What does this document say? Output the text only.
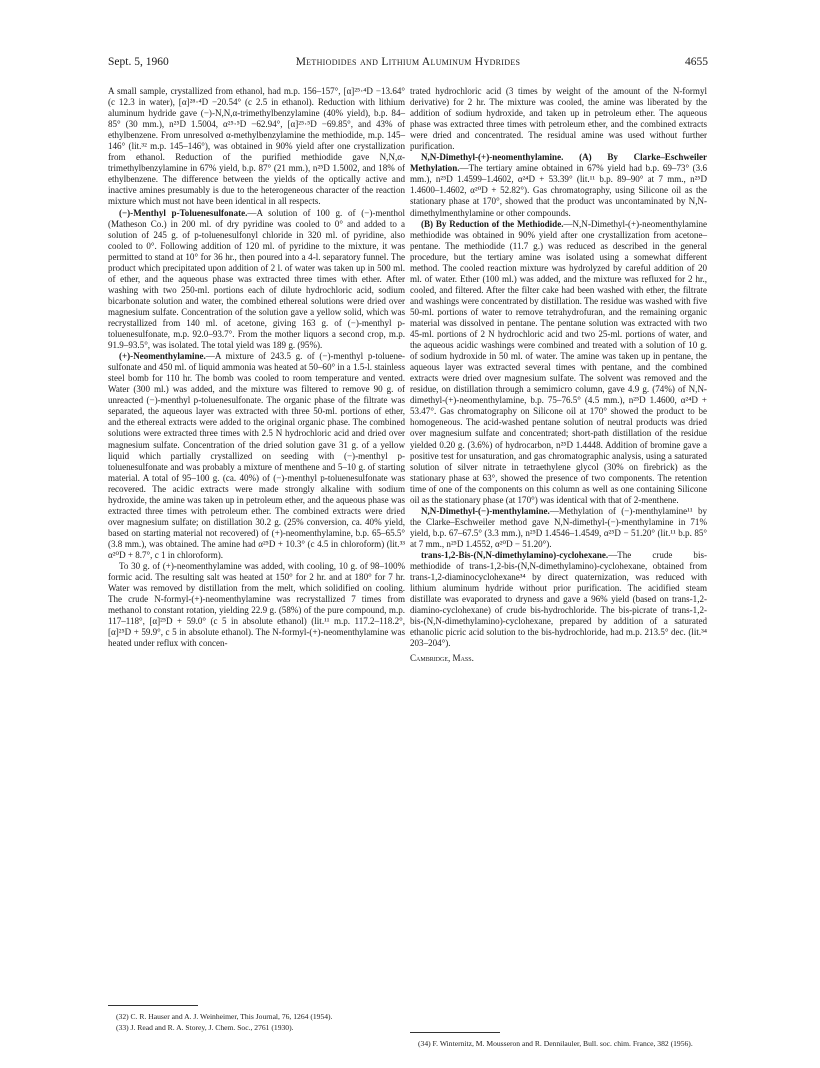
Sept. 5, 1960	Methiodides and Lithium Aluminum Hydrides	4655

A small sample, crystallized from ethanol, had m.p. 156–157°, [α]²⁵·⁴D −13.64° (c 12.3 in water), [α]²⁸·⁴D −20.54° (c 2.5 in ethanol). Reduction with lithium aluminum hydride gave (−)-N,N,α-trimethylbenzylamine (40% yield), b.p. 84–85° (30 mm.), n²⁵D 1.5004, α²⁵·⁵D −62.94°, [α]²⁵·⁵D −69.85°, and 43% of ethylbenzene. From unresolved α-methylbenzylamine the methiodide, m.p. 145–146° (lit.³² m.p. 145–146°), was obtained in 90% yield after one crystallization from ethanol. Reduction of the purified methiodide gave N,N,α-trimethylbenzylamine in 67% yield, b.p. 87° (21 mm.), n²⁵D 1.5002, and 18% of ethylbenzene. The difference between the yields of the optically active and inactive amines presumably is due to the heterogeneous character of the reaction mixture which must not have been identical in all respects.

(−)-Menthyl p-Toluenesulfonate.—A solution of 100 g. of (−)-menthol (Matheson Co.) in 200 ml. of dry pyridine was cooled to 0° and added to a solution of 245 g. of p-toluenesulfonyl chloride in 320 ml. of pyridine, also cooled to 0°. Following addition of 120 ml. of pyridine to the mixture, it was permitted to stand at 10° for 36 hr., then poured into a 4-l. separatory funnel. The product which precipitated upon addition of 2 l. of water was taken up in 500 ml. of ether, and the aqueous phase was extracted three times with ether. After washing with two 250-ml. portions each of dilute hydrochloric acid, sodium bicarbonate solution and water, the combined ethereal solutions were dried over magnesium sulfate. Concentration of the solution gave a yellow solid, which was recrystallized from 140 ml. of acetone, giving 163 g. of (−)-menthyl p-toluenesulfonate, m.p. 92.0–93.7°. From the mother liquors a second crop, m.p. 91.9–93.5°, was isolated. The total yield was 189 g. (95%).

(+)-Neomenthylamine.—A mixture of 243.5 g. of (−)-menthyl p-toluene-sulfonate and 450 ml. of liquid ammonia was heated at 50–60° in a 1.5-l. stainless steel bomb for 110 hr. The bomb was cooled to room temperature and vented. Water (300 ml.) was added, and the mixture was filtered to remove 90 g. of unreacted (−)-menthyl p-toluenesulfonate. The organic phase of the filtrate was separated, the aqueous layer was extracted with three 50-ml. portions of ether, and the ethereal extracts were added to the original organic phase. The combined solutions were extracted three times with 2.5 N hydrochloric acid and dried over magnesium sulfate. Concentration of the dried solution gave 31 g. of a yellow liquid which partially crystallized on seeding with (−)-menthyl p-toluenesulfonate and was probably a mixture of menthene and 5–10 g. of starting material. A total of 95–100 g. (ca. 40%) of (−)-menthyl p-toluenesulfonate was recovered. The acidic extracts were made strongly alkaline with sodium hydroxide, the amine was taken up in petroleum ether, and the aqueous phase was extracted three times with petroleum ether. The combined extracts were dried over magnesium sulfate; on distillation 30.2 g. (25% conversion, ca. 40% yield, based on starting material not recovered) of (+)-neomenthylamine, b.p. 65–65.5° (3.8 mm.), was obtained. The amine had α²⁵D + 10.3° (c 4.5 in chloroform) (lit.³³ α²⁰D + 8.7°, c 1 in chloroform).

To 30 g. of (+)-neomenthylamine was added, with cooling, 10 g. of 98–100% formic acid. The resulting salt was heated at 150° for 2 hr. and at 180° for 7 hr. Water was removed by distillation from the melt, which solidified on cooling. The crude N-formyl-(+)-neomenthylamine was recrystallized 7 times from methanol to constant rotation, yielding 22.9 g. (58%) of the pure compound, m.p. 117–118°, [α]²⁵D + 59.0° (c 5 in absolute ethanol) (lit.¹¹ m.p. 117.2–118.2°, [α]²⁵D + 59.9°, c 5 in absolute ethanol). The N-formyl-(+)-neomenthylamine was heated under reflux with concen-

trated hydrochloric acid (3 times by weight of the amount of the N-formyl derivative) for 2 hr. The mixture was cooled, the amine was liberated by the addition of sodium hydroxide, and taken up in petroleum ether. The aqueous phase was extracted three times with petroleum ether, and the combined extracts were dried and concentrated. The residual amine was used without further purification.

N,N-Dimethyl-(+)-neomenthylamine. (A) By Clarke–Eschweiler Methylation.—The tertiary amine obtained in 67% yield had b.p. 69–73° (3.6 mm.), n²⁵D 1.4599–1.4602, α²⁴D + 53.39° (lit.¹¹ b.p. 89–90° at 7 mm., n²⁵D 1.4600–1.4602, α²⁰D + 52.82°). Gas chromatography, using Silicone oil as the stationary phase at 170°, showed that the product was uncontaminated by N,N-dimethylmenthylamine or other compounds.

(B) By Reduction of the Methiodide.—N,N-Dimethyl-(+)-neomenthylamine methiodide was obtained in 90% yield after one crystallization from acetone–pentane. The methiodide (11.7 g.) was reduced as described in the general procedure, but the tertiary amine was isolated using a somewhat different method. The cooled reaction mixture was hydrolyzed by careful addition of 20 ml. of water. Ether (100 ml.) was added, and the mixture was refluxed for 2 hr., cooled, and filtered. After the filter cake had been washed with ether, the filtrate and washings were concentrated by distillation. The residue was washed with five 50-ml. portions of water to remove tetrahydrofuran, and the remaining organic material was dissolved in pentane. The pentane solution was extracted with two 45-ml. portions of 2 N hydrochloric acid and two 25-ml. portions of water, and the aqueous acidic washings were combined and treated with a solution of 10 g. of sodium hydroxide in 50 ml. of water. The amine was taken up in pentane, the aqueous layer was extracted several times with pentane, and the combined extracts were dried over magnesium sulfate. The solvent was removed and the residue, on distillation through a semimicro column, gave 4.9 g. (74%) of N,N-dimethyl-(+)-neomenthylamine, b.p. 75–76.5° (4.5 mm.), n²⁵D 1.4600, α²⁴D + 53.47°. Gas chromatography on Silicone oil at 170° showed the product to be homogeneous. The acid-washed pentane solution of neutral products was dried over magnesium sulfate and concentrated; short-path distillation of the residue yielded 0.20 g. (3.6%) of hydrocarbon, n²⁵D 1.4448. Addition of bromine gave a positive test for unsaturation, and gas chromatographic analysis, using a saturated solution of silver nitrate in tetraethylene glycol (30% on firebrick) as the stationary phase at 63°, showed the presence of two components. The retention time of one of the components on this column as well as one containing Silicone oil as the stationary phase (at 170°) was identical with that of 2-menthene.

N,N-Dimethyl-(−)-menthylamine.—Methylation of (−)-menthylamine¹¹ by the Clarke–Eschweiler method gave N,N-dimethyl-(−)-menthylamine in 71% yield, b.p. 67–67.5° (3.3 mm.), n²⁵D 1.4546–1.4549, α²⁵D − 51.20° (lit.¹¹ b.p. 85° at 7 mm., n²⁵D 1.4552, α²⁰D − 51.20°).

trans-1,2-Bis-(N,N-dimethylamino)-cyclohexane.—The crude bis-methiodide of trans-1,2-bis-(N,N-dimethylamino)-cyclohexane, obtained from trans-1,2-diaminocyclohexane³⁴ by direct quaternization, was reduced with lithium aluminum hydride without prior purification. The acidified steam distillate was evaporated to dryness and gave a 96% yield (based on trans-1,2-diamino-cyclohexane) of crude bis-hydrochloride. The bis-picrate of trans-1,2-bis-(N,N-dimethylamino)-cyclohexane, prepared by addition of a saturated ethanolic picric acid solution to the bis-hydrochloride, had m.p. 213.5° dec. (lit.³⁴ 203–204°).

Cambridge, Mass.

(32) C. R. Hauser and A. J. Weinheimer, This Journal, 76, 1264 (1954).

(33) J. Read and R. A. Storey, J. Chem. Soc., 2761 (1930).

(34) F. Winternitz, M. Mousseron and R. Dennilauler, Bull. soc. chim. France, 382 (1956).
